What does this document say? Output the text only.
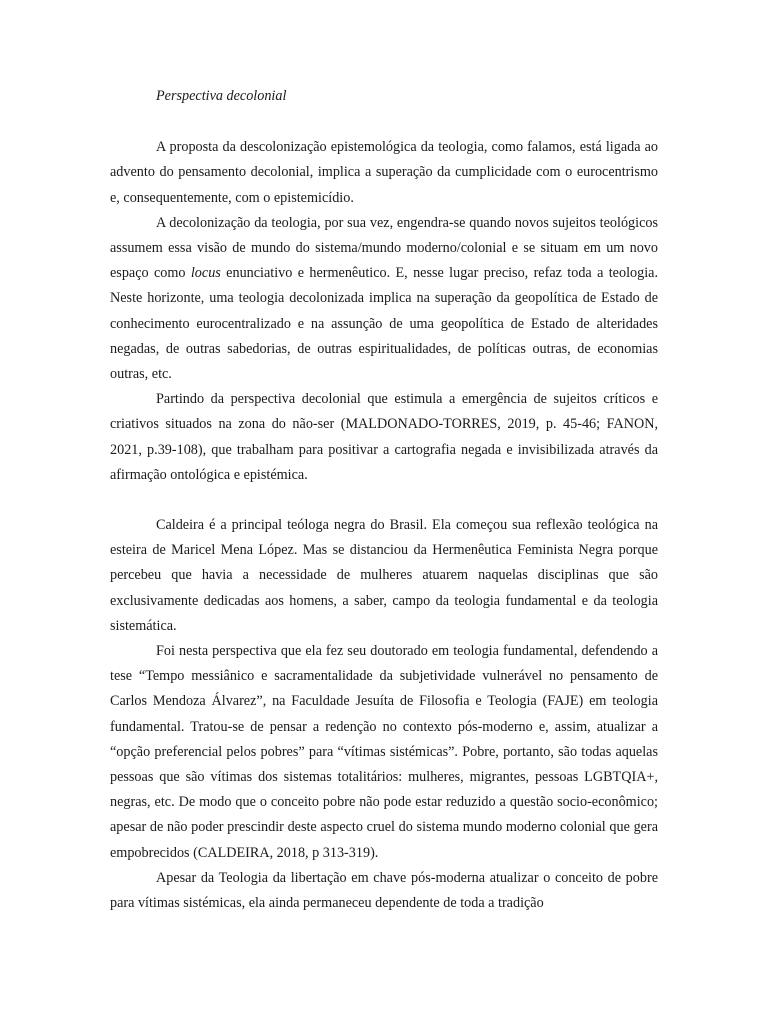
Perspectiva decolonial

A proposta da descolonização epistemológica da teologia, como falamos, está ligada ao advento do pensamento decolonial, implica a superação da cumplicidade com o eurocentrismo e, consequentemente, com o epistemicídio.

A decolonização da teologia, por sua vez, engendra-se quando novos sujeitos teológicos assumem essa visão de mundo do sistema/mundo moderno/colonial e se situam em um novo espaço como locus enunciativo e hermenêutico. E, nesse lugar preciso, refaz toda a teologia. Neste horizonte, uma teologia decolonizada implica na superação da geopolítica de Estado de conhecimento eurocentralizado e na assunção de uma geopolítica de Estado de alteridades negadas, de outras sabedorias, de outras espiritualidades, de políticas outras, de economias outras, etc.

Partindo da perspectiva decolonial que estimula a emergência de sujeitos críticos e criativos situados na zona do não-ser (MALDONADO-TORRES, 2019, p. 45-46; FANON, 2021, p.39-108), que trabalham para positivar a cartografia negada e invisibilizada através da afirmação ontológica e epistémica.

Caldeira é a principal teóloga negra do Brasil. Ela começou sua reflexão teológica na esteira de Maricel Mena López. Mas se distanciou da Hermenêutica Feminista Negra porque percebeu que havia a necessidade de mulheres atuarem naquelas disciplinas que são exclusivamente dedicadas aos homens, a saber, campo da teologia fundamental e da teologia sistemática.

Foi nesta perspectiva que ela fez seu doutorado em teologia fundamental, defendendo a tese “Tempo messiânico e sacramentalidade da subjetividade vulnerável no pensamento de Carlos Mendoza Álvarez”, na Faculdade Jesuíta de Filosofia e Teologia (FAJE) em teologia fundamental. Tratou-se de pensar a redenção no contexto pós-moderno e, assim, atualizar a “opção preferencial pelos pobres” para “vítimas sistémicas”. Pobre, portanto, são todas aquelas pessoas que são vítimas dos sistemas totalitários: mulheres, migrantes, pessoas LGBTQIA+, negras, etc. De modo que o conceito pobre não pode estar reduzido a questão socio-econômico; apesar de não poder prescindir deste aspecto cruel do sistema mundo moderno colonial que gera empobrecidos (CALDEIRA, 2018, p 313-319).

Apesar da Teologia da libertação em chave pós-moderna atualizar o conceito de pobre para vítimas sistémicas, ela ainda permaneceu dependente de toda a tradição
